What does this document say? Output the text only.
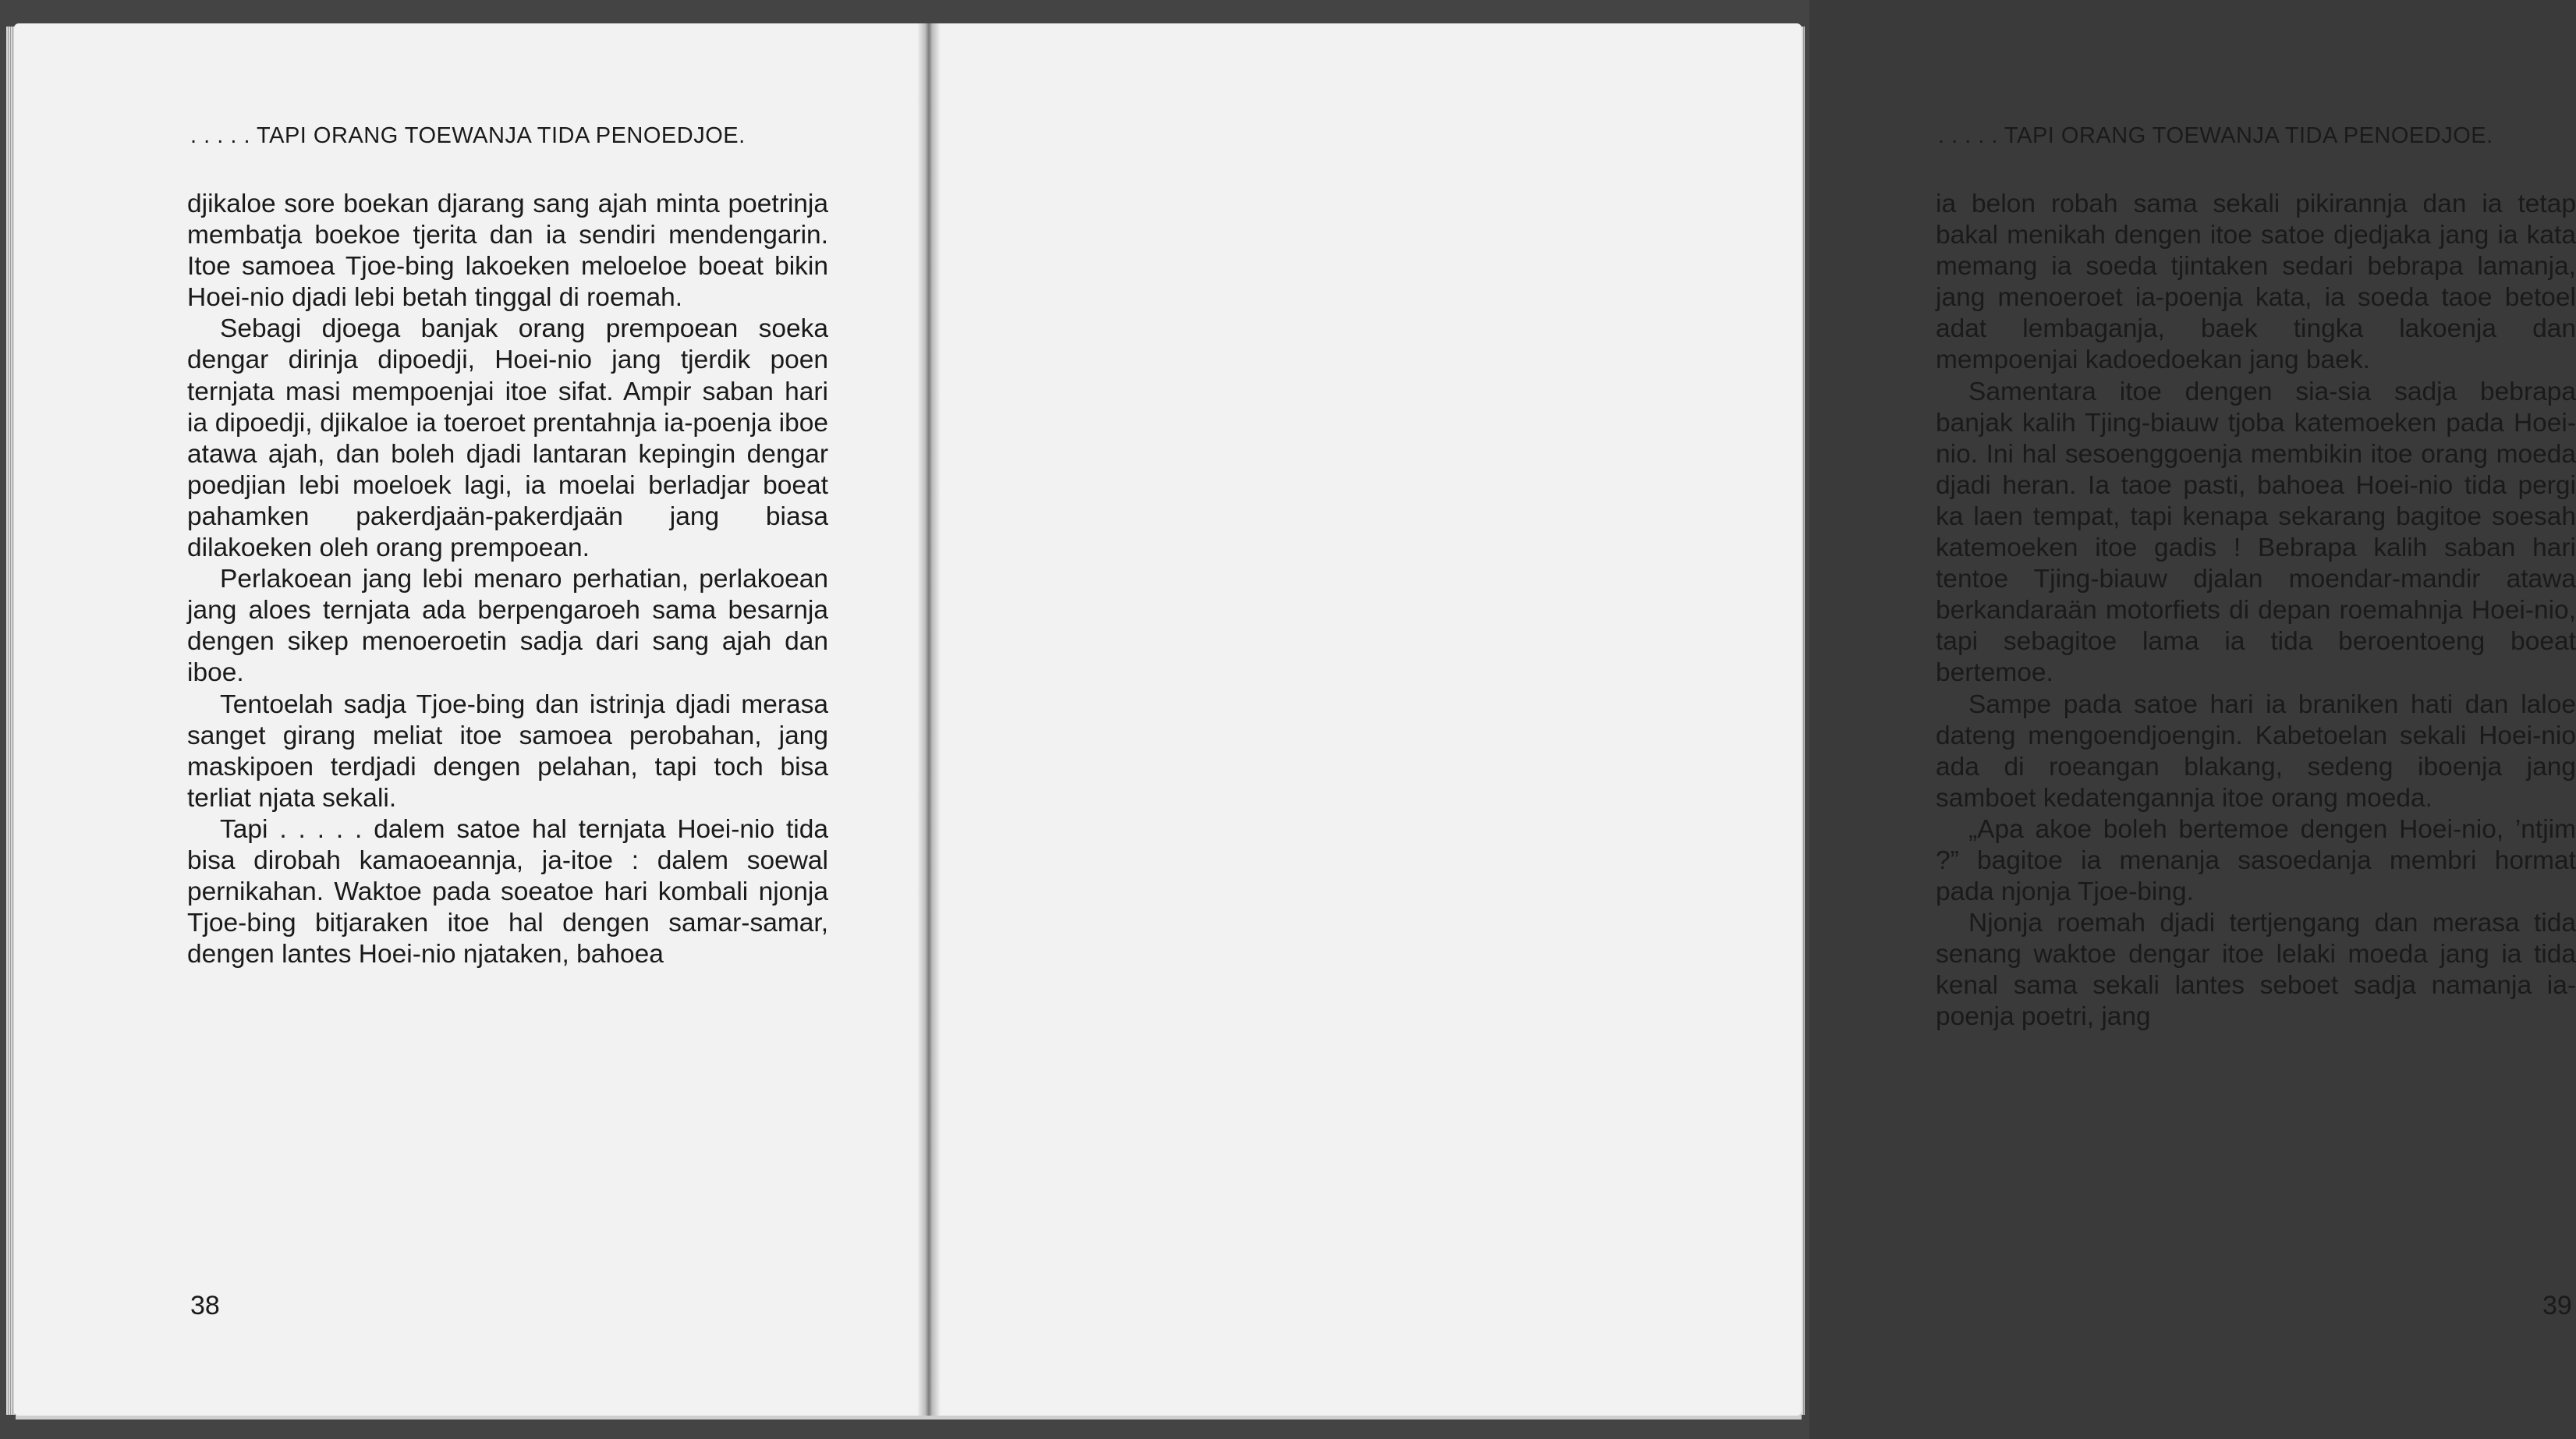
. . . . . TAPI ORANG TOEWANJA TIDA PENOEDJOE.

djikaloe sore boekan djarang sang ajah minta poetrinja membatja boekoe tjerita dan ia sendiri mendengarin. Itoe samoea Tjoe-bing lakoeken meloeloe boeat bikin Hoei-nio djadi lebi betah tinggal di roemah.

Sebagi djoega banjak orang prempoean soeka dengar dirinja dipoedji, Hoei-nio jang tjerdik poen ternjata masi mempoenjai itoe sifat. Ampir saban hari ia dipoedji, djikaloe ia toeroet prentahnja ia-poenja iboe atawa ajah, dan boleh djadi lantaran kepingin dengar poedjian lebi moeloek lagi, ia moelai berladjar boeat pahamken pakerdjaän-pakerdjaän jang biasa dilakoeken oleh orang prempoean.

Perlakoean jang lebi menaro perhatian, perlakoean jang aloes ternjata ada berpengaroeh sama besarnja dengen sikep menoeroetin sadja dari sang ajah dan iboe.

Tentoelah sadja Tjoe-bing dan istrinja djadi merasa sanget girang meliat itoe samoea perobahan, jang maskipoen terdjadi dengen pelahan, tapi toch bisa terliat njata sekali.

Tapi . . . . . dalem satoe hal ternjata Hoei-nio tida bisa dirobah kamaoeannja, ja-itoe : dalem soewal pernikahan. Waktoe pada soeatoe hari kombali njonja Tjoe-bing bitjaraken itoe hal dengen samar-samar, dengen lantes Hoei-nio njataken, bahoea

38
. . . . . TAPI ORANG TOEWANJA TIDA PENOEDJOE.

ia belon robah sama sekali pikirannja dan ia tetap bakal menikah dengen itoe satoe djedjaka jang ia kata memang ia soeda tjintaken sedari bebrapa lamanja, jang menoeroet ia-poenja kata, ia soeda taoe betoel adat lembaganja, baek tingka lakoenja dan mempoenjai kadoedoekan jang baek.

Samentara itoe dengen sia-sia sadja bebrapa banjak kalih Tjing-biauw tjoba katemoeken pada Hoei-nio. Ini hal sesoenggoenja membikin itoe orang moeda djadi heran. Ia taoe pasti, bahoea Hoei-nio tida pergi ka laen tempat, tapi kenapa sekarang bagitoe soesah katemoeken itoe gadis ! Bebrapa kalih saban hari tentoe Tjing-biauw djalan moendar-mandir atawa berkandaraän motorfiets di depan roemahnja Hoei-nio, tapi sebagitoe lama ia tida beroentoeng boeat bertemoe.

Sampe pada satoe hari ia braniken hati dan laloe dateng mengoendjoengin. Kabetoelan sekali Hoei-nio ada di roeangan blakang, sedeng iboenja jang samboet kedatengannja itoe orang moeda.

„Apa akoe boleh bertemoe dengen Hoei-nio, ’ntjim ?” bagitoe ia menanja sasoedanja membri hormat pada njonja Tjoe-bing.

Njonja roemah djadi tertjengang dan merasa tida senang waktoe dengar itoe lelaki moeda jang ia tida kenal sama sekali lantes seboet sadja namanja ia-poenja poetri, jang

39
